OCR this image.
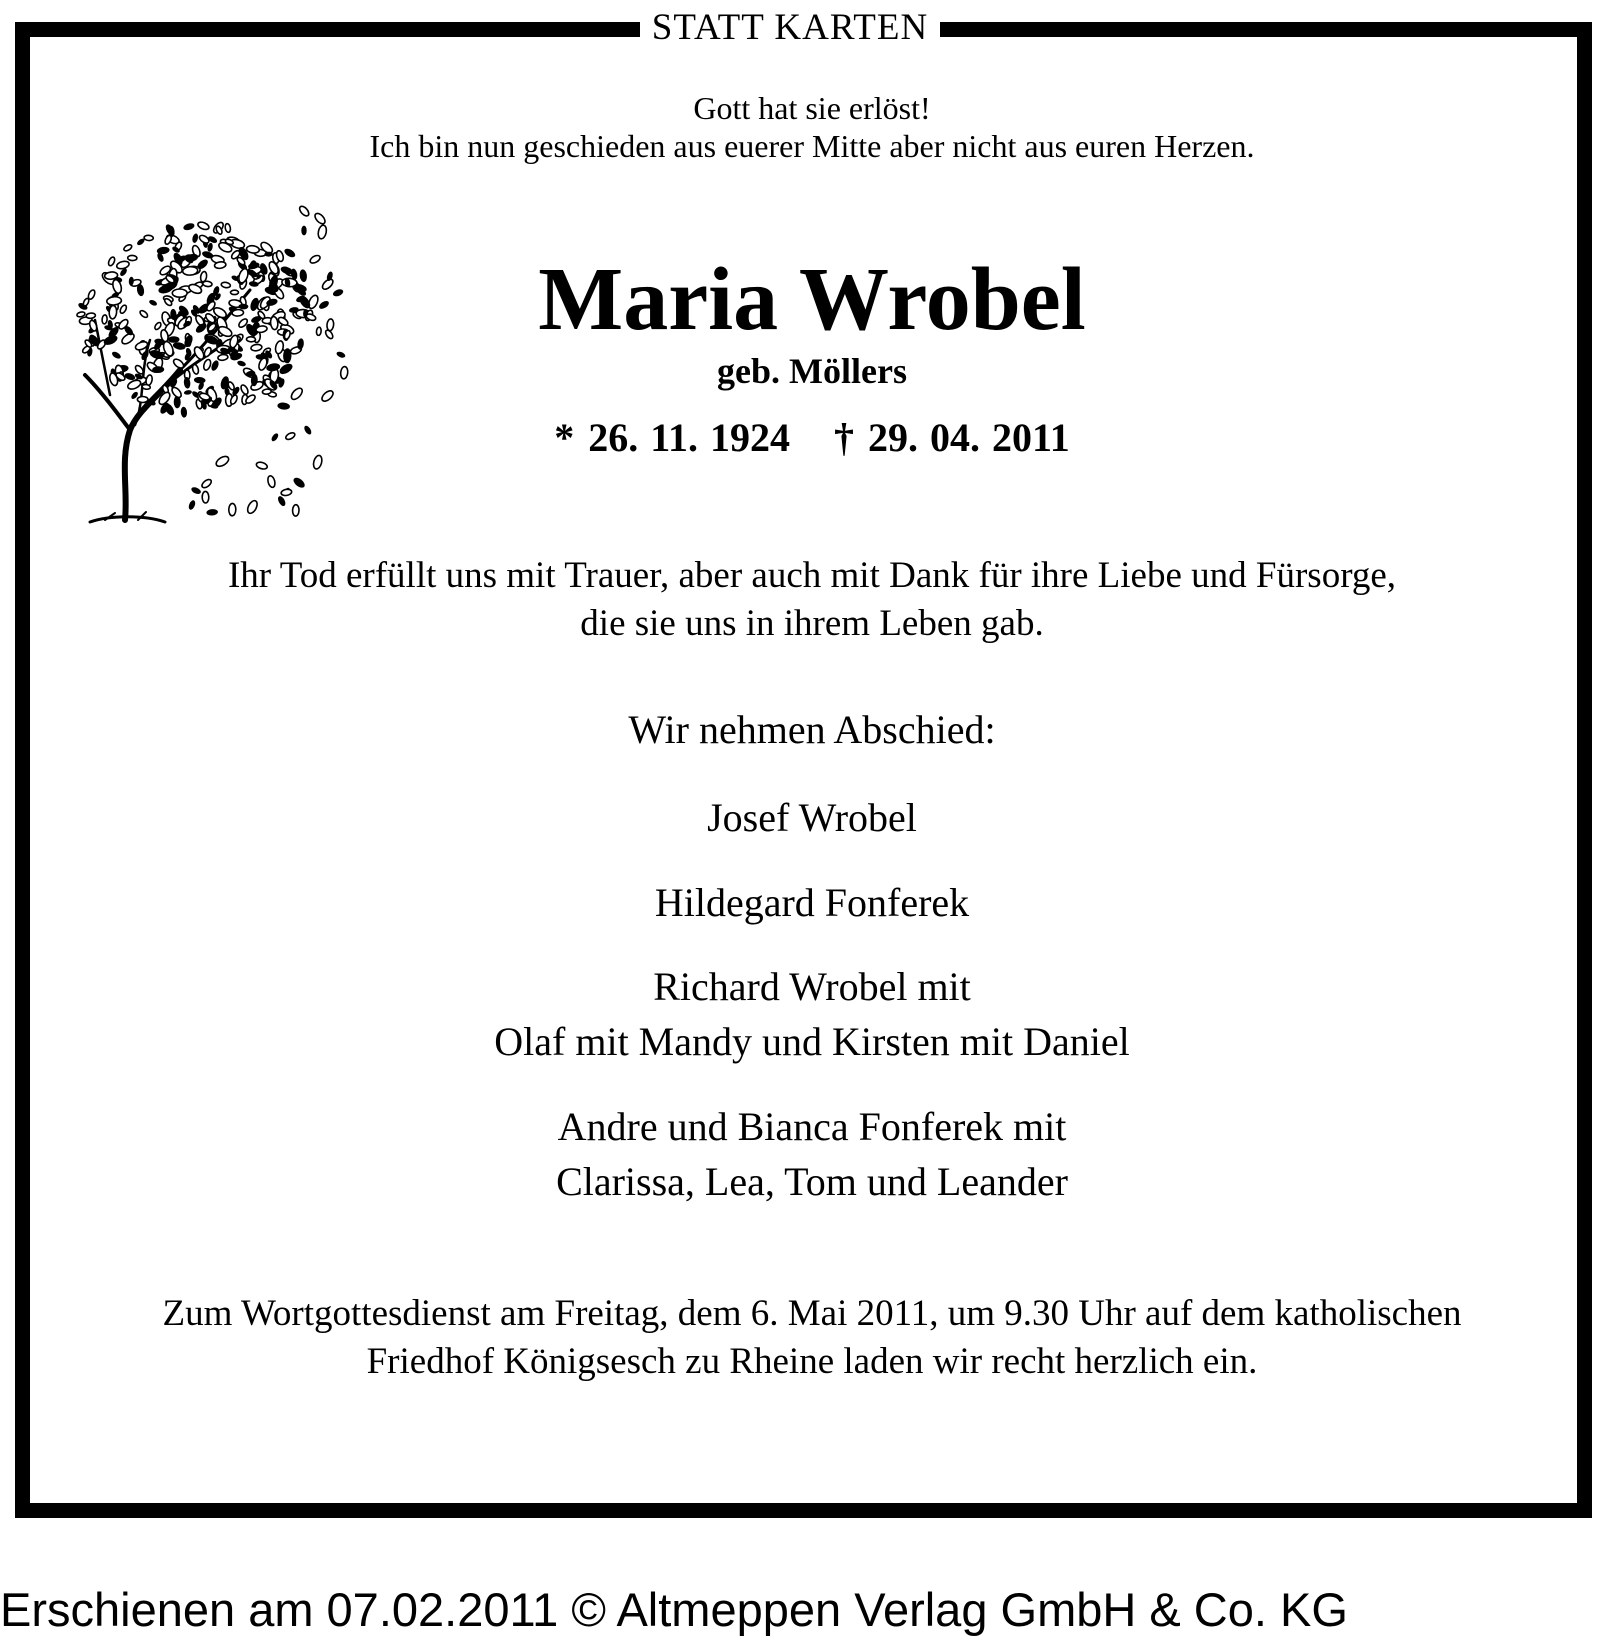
STATT KARTEN
Gott hat sie erlöst!
Ich bin nun geschieden aus euerer Mitte aber nicht aus euren Herzen.
Maria Wrobel
geb. Möllers
* 26. 11. 1924 † 29. 04. 2011
Ihr Tod erfüllt uns mit Trauer, aber auch mit Dank für ihre Liebe und Fürsorge,
die sie uns in ihrem Leben gab.
Wir nehmen Abschied:
Josef Wrobel
Hildegard Fonferek
Richard Wrobel mit
Olaf mit Mandy und Kirsten mit Daniel
Andre und Bianca Fonferek mit
Clarissa, Lea, Tom und Leander
Zum Wortgottesdienst am Freitag, dem 6. Mai 2011, um 9.30 Uhr auf dem katholischen
Friedhof Königsesch zu Rheine laden wir recht herzlich ein.
Erschienen am 07.02.2011 © Altmeppen Verlag GmbH & Co. KG
